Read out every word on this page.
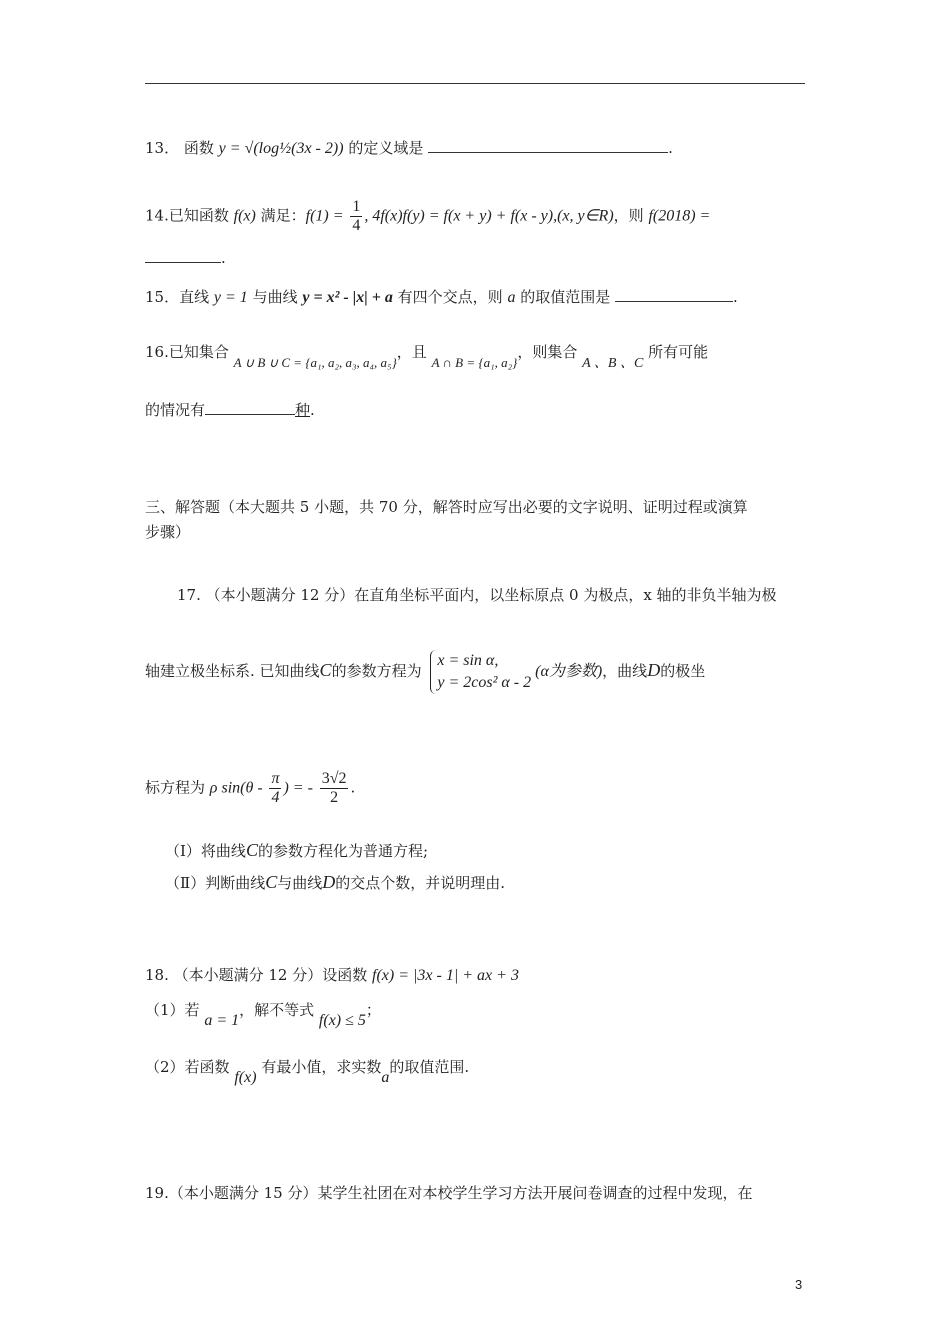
13． 函数 y = √(log½(3x - 2)) 的定义域是	.
14.已知函数 f(x) 满足：$f(1) = \frac{1}{4}$ , 4f(x)f(y) = f(x + y) + f(x - y),(x, y∈R)，则 f(2018) =
.
15．直线 y = 1 与曲线 y = x² - |x| + a 有四个交点，则 a 的取值范围是	.
16.已知集合 A ∪ B ∪ C = {a₁, a₂, a₃, a₄, a₅}，且 A ∩ B = {a₁, a₂}，则集合 A 、B 、C 所有可能
的情况有	种.
三、解答题（本大题共 5 小题，共 70 分，解答时应写出必要的文字说明、证明过程或演算
步骤）
17. （本小题满分 12 分）在直角坐标平面内，以坐标原点 0 为极点，x 轴的非负半轴为极
轴建立极坐标系. 已知曲线C的参数方程为
x = sin α,
y = 2cos² α - 2
(α为参数)，曲线D的极坐
标方程为 ρ $\sin(\theta - \frac{\pi}{4}$ ) = - $\frac{3√2}{2}$ .
（Ⅰ）将曲线C的参数方程化为普通方程;
（Ⅱ）判断曲线C与曲线D的交点个数，并说明理由.
18. （本小题满分 12 分）设函数 f(x) = |3x - 1| + ax + 3
（1）若 a = 1，解不等式 f(x) ≤ 5；
（2）若函数 f(x) 有最小值，求实数a的取值范围.
19.（本小题满分 15 分）某学生社团在对本校学生学习方法开展问卷调查的过程中发现，在
3
